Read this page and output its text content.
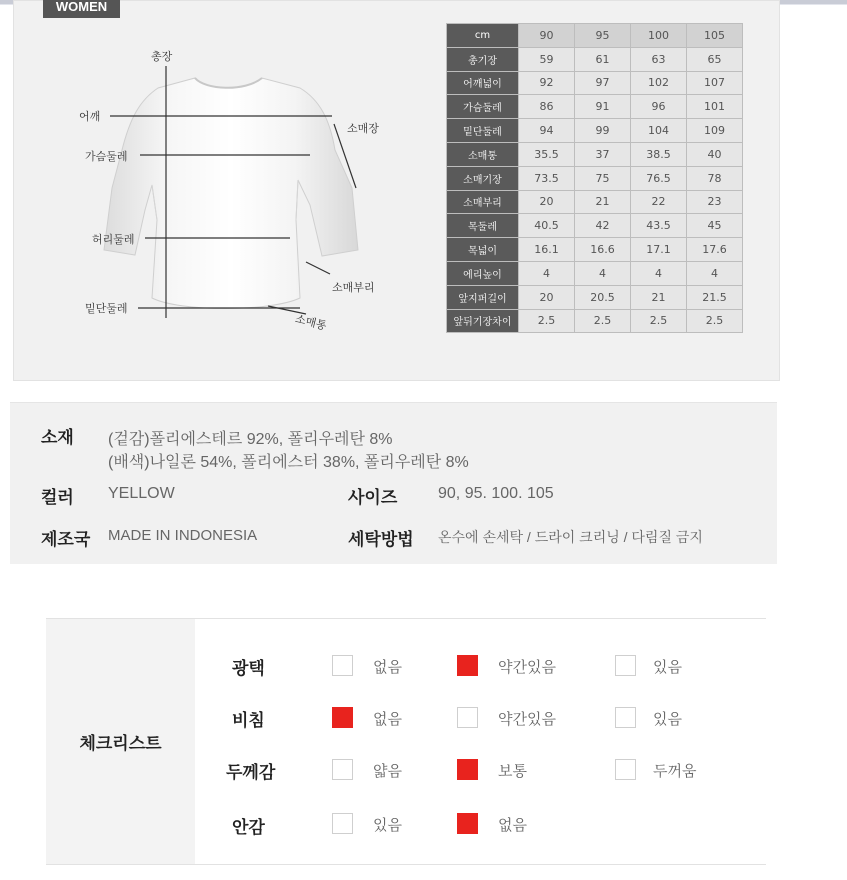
WOMEN
총장
어깨
가슴둘레
허리둘레
밑단둘레
소매장
소매부리
소매통
cm	90	95	100	105
총기장	59	61	63	65
어깨넓이	92	97	102	107
가슴둘레	86	91	96	101
밑단둘레	94	99	104	109
소매통	35.5	37	38.5	40
소매기장	73.5	75	76.5	78
소매부리	20	21	22	23
목둘레	40.5	42	43.5	45
목넓이	16.1	16.6	17.1	17.6
에리높이	4	4	4	4
앞지퍼길이	20	20.5	21	21.5
앞뒤기장차이	2.5	2.5	2.5	2.5
소재 (겉감)폴리에스테르 92%, 폴리우레탄 8%
(배색)나일론 54%, 폴리에스터 38%, 폴리우레탄 8%
컬러 YELLOW	사이즈	90, 95. 100. 105
제조국 MADE IN INDONESIA	세탁방법 온수에 손세탁 / 드라이 크리닝 / 다림질 금지
체크리스트
광택	없음	약간있음	있음
비침	없음	약간있음	있음
두께감	얇음	보통	두꺼움
안감	있음	없음
